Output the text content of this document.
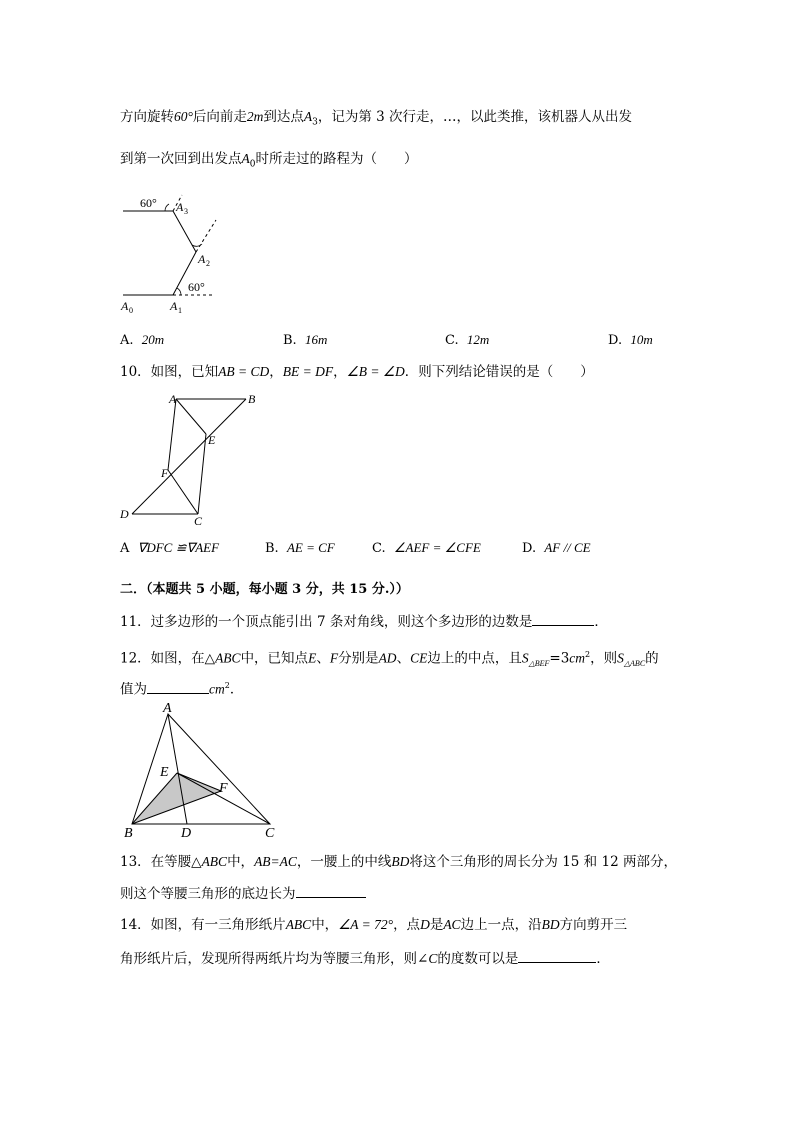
方向旋转60°后向前走2m到达点$A_3$，记为第 3 次行走，…，以此类推，该机器人从出发
到第一次回到出发点$A_0$时所走过的路程为（　　）
60°
60°
A 3
A 2
A 1
A 0
A. 20m	B. 16m	C. 12m	D. 10m
10．如图，已知AB = CD，BE = DF，∠B = ∠D．则下列结论错误的是（　　）
A	B
E
F
D	C
A ∇DFC ≌∇AEF	B. AE = CF	C. ∠AEF = ∠CFE	D. AF // CE
二．（本题共 5 小题，每小题 3 分，共 15 分.））
11．过多边形的一个顶点能引出 7 条对角线，则这个多边形的边数是	．
12．如图，在△ABC中，已知点E、F分别是AD、CE边上的中点，且$S_{\triangle BEF}=3cm^2$，则$S_{\triangle ABC}$的
值为	$cm^2$．
A
E
F
B	D	C
13．在等腰△ABC中，AB=AC，一腰上的中线BD将这个三角形的周长分为 15 和 12 两部分，
则这个等腰三角形的底边长为
14．如图，有一三角形纸片ABC中，∠A = 72°，点D是AC边上一点，沿BD方向剪开三
角形纸片后，发现所得两纸片均为等腰三角形，则∠C的度数可以是	．
